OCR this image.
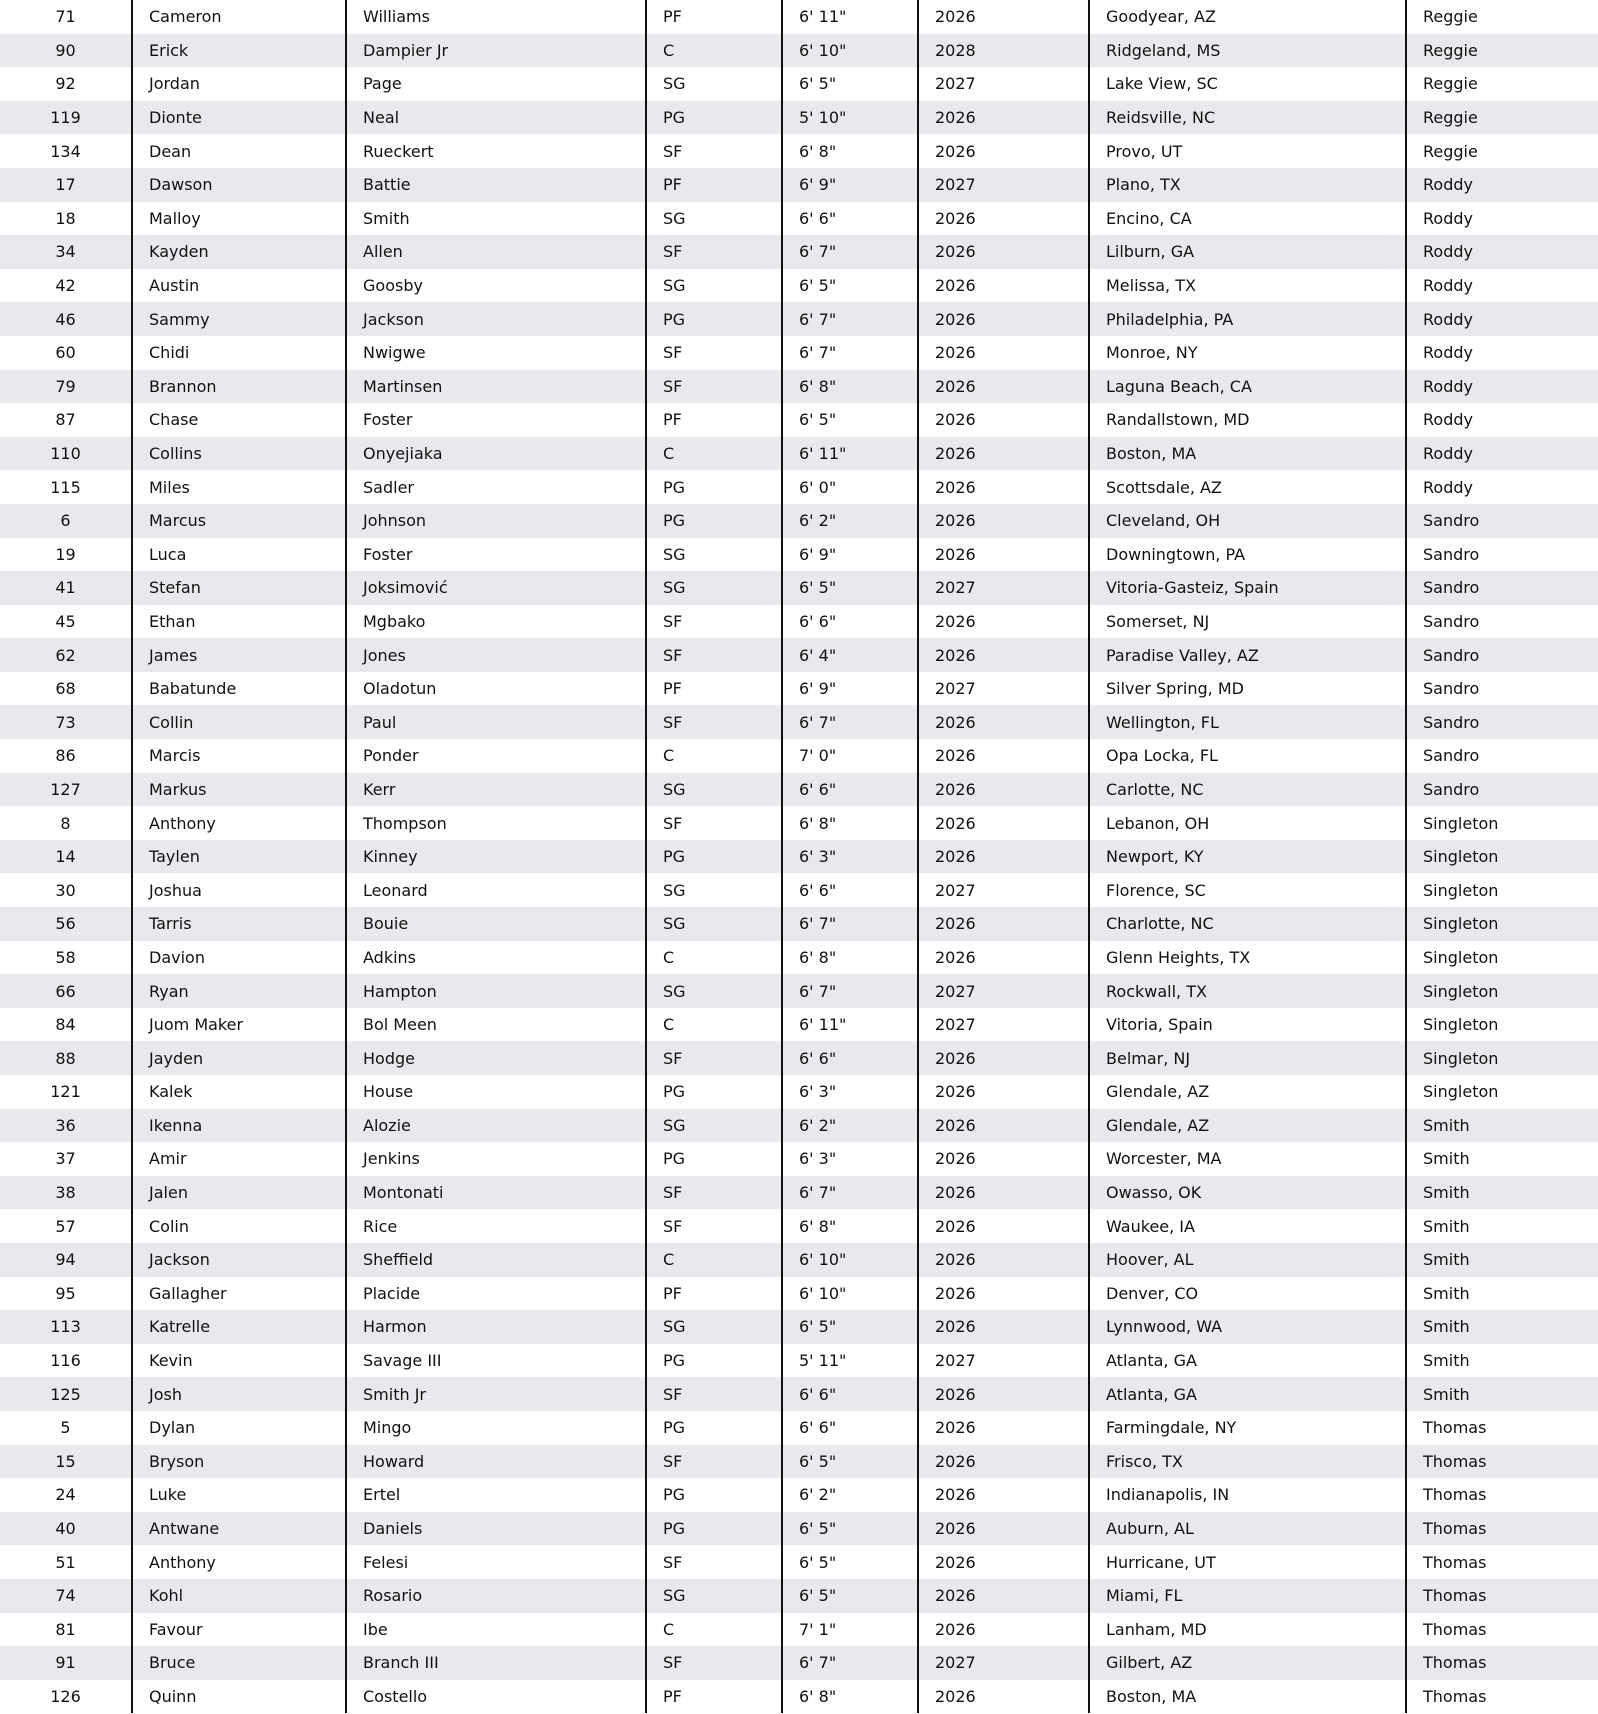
71	Cameron	Williams	PF	6' 11"	2026	Goodyear, AZ	Reggie
90	Erick	Dampier Jr	C	6' 10"	2028	Ridgeland, MS	Reggie
92	Jordan	Page	SG	6' 5"	2027	Lake View, SC	Reggie
119	Dionte	Neal	PG	5' 10"	2026	Reidsville, NC	Reggie
134	Dean	Rueckert	SF	6' 8"	2026	Provo, UT	Reggie
17	Dawson	Battie	PF	6' 9"	2027	Plano, TX	Roddy
18	Malloy	Smith	SG	6' 6"	2026	Encino, CA	Roddy
34	Kayden	Allen	SF	6' 7"	2026	Lilburn, GA	Roddy
42	Austin	Goosby	SG	6' 5"	2026	Melissa, TX	Roddy
46	Sammy	Jackson	PG	6' 7"	2026	Philadelphia, PA	Roddy
60	Chidi	Nwigwe	SF	6' 7"	2026	Monroe, NY	Roddy
79	Brannon	Martinsen	SF	6' 8"	2026	Laguna Beach, CA	Roddy
87	Chase	Foster	PF	6' 5"	2026	Randallstown, MD	Roddy
110	Collins	Onyejiaka	C	6' 11"	2026	Boston, MA	Roddy
115	Miles	Sadler	PG	6' 0"	2026	Scottsdale, AZ	Roddy
6	Marcus	Johnson	PG	6' 2"	2026	Cleveland, OH	Sandro
19	Luca	Foster	SG	6' 9"	2026	Downingtown, PA	Sandro
41	Stefan	Joksimović	SG	6' 5"	2027	Vitoria-Gasteiz, Spain	Sandro
45	Ethan	Mgbako	SF	6' 6"	2026	Somerset, NJ	Sandro
62	James	Jones	SF	6' 4"	2026	Paradise Valley, AZ	Sandro
68	Babatunde	Oladotun	PF	6' 9"	2027	Silver Spring, MD	Sandro
73	Collin	Paul	SF	6' 7"	2026	Wellington, FL	Sandro
86	Marcis	Ponder	C	7' 0"	2026	Opa Locka, FL	Sandro
127	Markus	Kerr	SG	6' 6"	2026	Carlotte, NC	Sandro
8	Anthony	Thompson	SF	6' 8"	2026	Lebanon, OH	Singleton
14	Taylen	Kinney	PG	6' 3"	2026	Newport, KY	Singleton
30	Joshua	Leonard	SG	6' 6"	2027	Florence, SC	Singleton
56	Tarris	Bouie	SG	6' 7"	2026	Charlotte, NC	Singleton
58	Davion	Adkins	C	6' 8"	2026	Glenn Heights, TX	Singleton
66	Ryan	Hampton	SG	6' 7"	2027	Rockwall, TX	Singleton
84	Juom Maker	Bol Meen	C	6' 11"	2027	Vitoria, Spain	Singleton
88	Jayden	Hodge	SF	6' 6"	2026	Belmar, NJ	Singleton
121	Kalek	House	PG	6' 3"	2026	Glendale, AZ	Singleton
36	Ikenna	Alozie	SG	6' 2"	2026	Glendale, AZ	Smith
37	Amir	Jenkins	PG	6' 3"	2026	Worcester, MA	Smith
38	Jalen	Montonati	SF	6' 7"	2026	Owasso, OK	Smith
57	Colin	Rice	SF	6' 8"	2026	Waukee, IA	Smith
94	Jackson	Sheffield	C	6' 10"	2026	Hoover, AL	Smith
95	Gallagher	Placide	PF	6' 10"	2026	Denver, CO	Smith
113	Katrelle	Harmon	SG	6' 5"	2026	Lynnwood, WA	Smith
116	Kevin	Savage III	PG	5' 11"	2027	Atlanta, GA	Smith
125	Josh	Smith Jr	SF	6' 6"	2026	Atlanta, GA	Smith
5	Dylan	Mingo	PG	6' 6"	2026	Farmingdale, NY	Thomas
15	Bryson	Howard	SF	6' 5"	2026	Frisco, TX	Thomas
24	Luke	Ertel	PG	6' 2"	2026	Indianapolis, IN	Thomas
40	Antwane	Daniels	PG	6' 5"	2026	Auburn, AL	Thomas
51	Anthony	Felesi	SF	6' 5"	2026	Hurricane, UT	Thomas
74	Kohl	Rosario	SG	6' 5"	2026	Miami, FL	Thomas
81	Favour	Ibe	C	7' 1"	2026	Lanham, MD	Thomas
91	Bruce	Branch III	SF	6' 7"	2027	Gilbert, AZ	Thomas
126	Quinn	Costello	PF	6' 8"	2026	Boston, MA	Thomas
